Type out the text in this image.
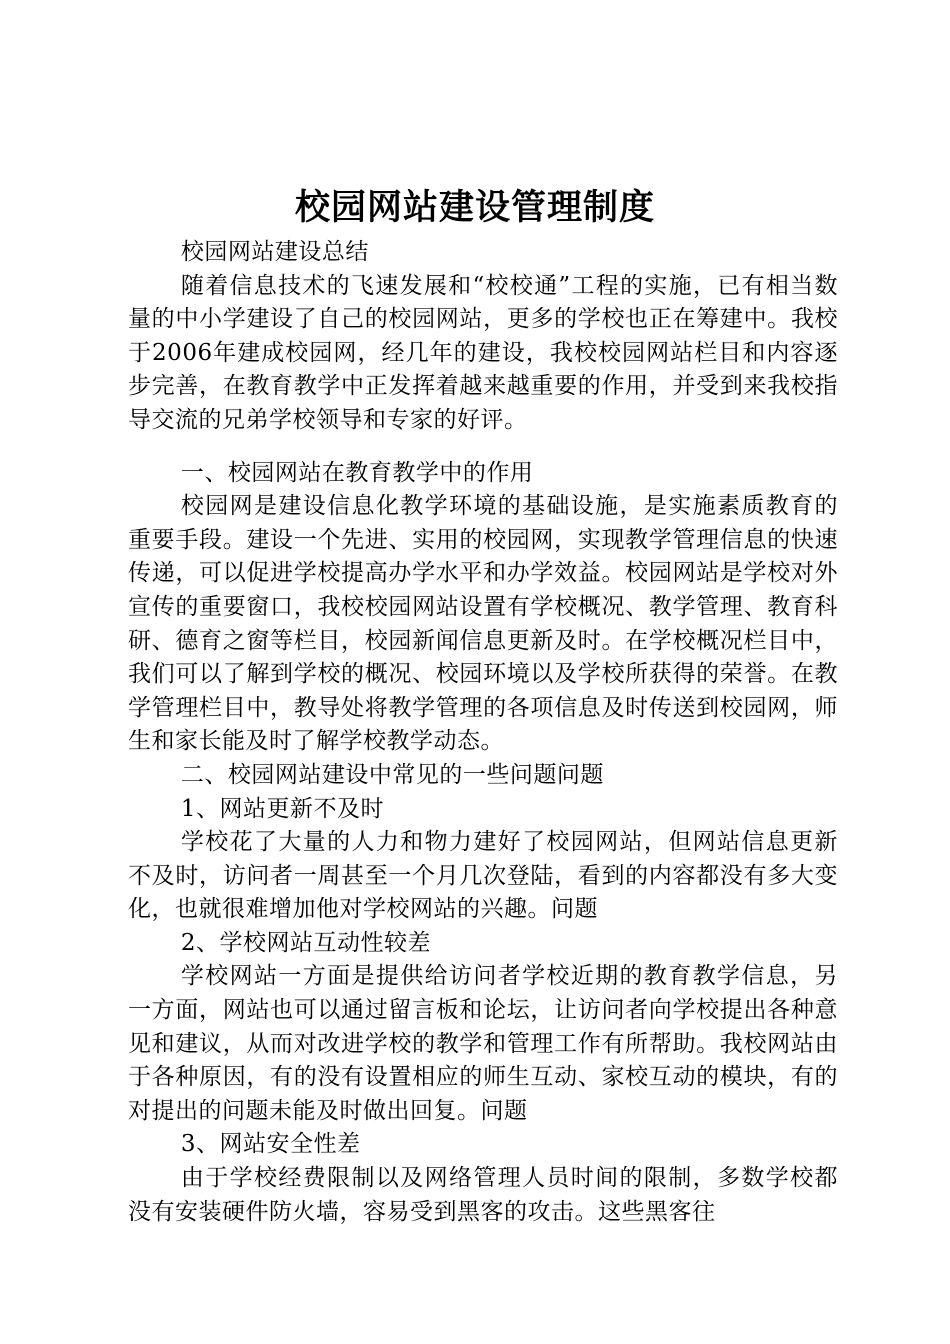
校园网站建设管理制度

校园网站建设总结

随着信息技术的飞速发展和“校校通”工程的实施，已有相当数量的中小学建设了自己的校园网站，更多的学校也正在筹建中。我校于2006年建成校园网，经几年的建设，我校校园网站栏目和内容逐步完善，在教育教学中正发挥着越来越重要的作用，并受到来我校指导交流的兄弟学校领导和专家的好评。

一、校园网站在教育教学中的作用

校园网是建设信息化教学环境的基础设施，是实施素质教育的重要手段。建设一个先进、实用的校园网，实现教学管理信息的快速传递，可以促进学校提高办学水平和办学效益。校园网站是学校对外宣传的重要窗口，我校校园网站设置有学校概况、教学管理、教育科研、德育之窗等栏目，校园新闻信息更新及时。在学校概况栏目中，我们可以了解到学校的概况、校园环境以及学校所获得的荣誉。在教学管理栏目中，教导处将教学管理的各项信息及时传送到校园网，师生和家长能及时了解学校教学动态。

二、校园网站建设中常见的一些问题问题

1、网站更新不及时

学校花了大量的人力和物力建好了校园网站，但网站信息更新不及时，访问者一周甚至一个月几次登陆，看到的内容都没有多大变化，也就很难增加他对学校网站的兴趣。问题

2、学校网站互动性较差

学校网站一方面是提供给访问者学校近期的教育教学信息，另一方面，网站也可以通过留言板和论坛，让访问者向学校提出各种意见和建议，从而对改进学校的教学和管理工作有所帮助。我校网站由于各种原因，有的没有设置相应的师生互动、家校互动的模块，有的对提出的问题未能及时做出回复。问题

3、网站安全性差

由于学校经费限制以及网络管理人员时间的限制，多数学校都没有安装硬件防火墙，容易受到黑客的攻击。这些黑客往
